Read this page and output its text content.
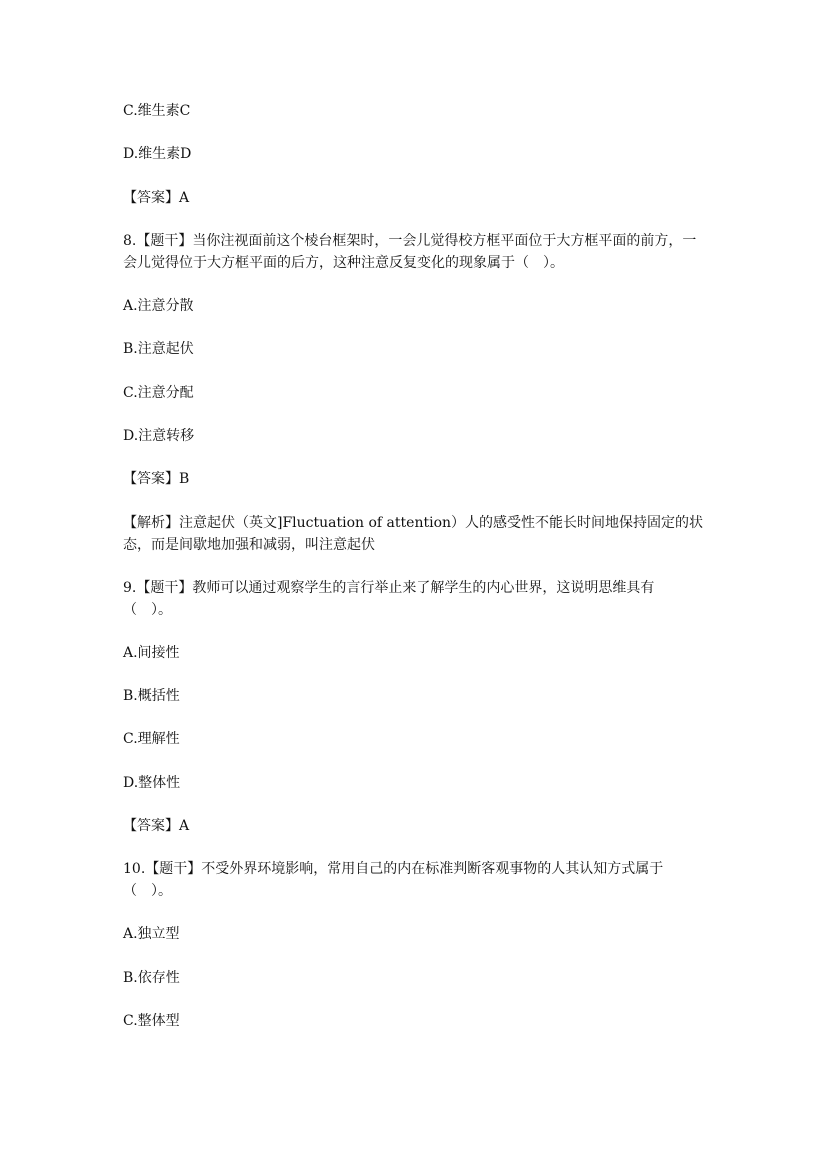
C.维生素C
D.维生素D
【答案】A
8.【题干】当你注视面前这个棱台框架时，一会儿觉得校方框平面位于大方框平面的前方，一会儿觉得位于大方框平面的后方，这种注意反复变化的现象属于（　）。
A.注意分散
B.注意起伏
C.注意分配
D.注意转移
【答案】B
【解析】注意起伏（英文]Fluctuation of attention）人的感受性不能长时间地保持固定的状态，而是间歇地加强和减弱，叫注意起伏
9.【题干】教师可以通过观察学生的言行举止来了解学生的内心世界，这说明思维具有（　）。
A.间接性
B.概括性
C.理解性
D.整体性
【答案】A
10.【题干】不受外界环境影响，常用自己的内在标准判断客观事物的人其认知方式属于（　）。
A.独立型
B.依存性
C.整体型
